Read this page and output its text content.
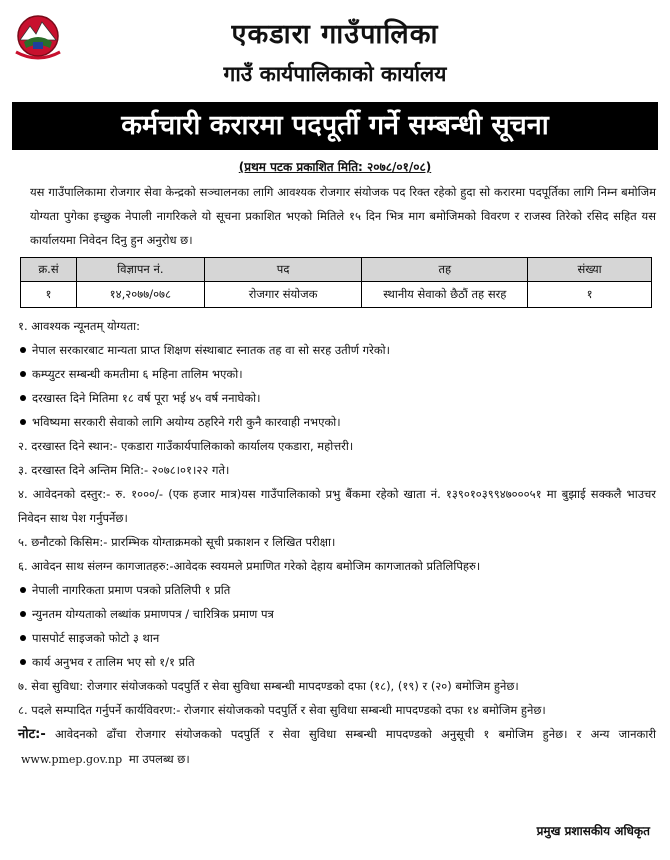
एकडारा गाउँपालिका
गाउँ कार्यपालिकाको कार्यालय
कर्मचारी करारमा पदपूर्ती गर्ने सम्बन्धी सूचना
(प्रथम पटक प्रकाशित मिति: २०७८/०१/०८)
यस गाउँपालिकामा रोजगार सेवा केन्द्रको सञ्चालनका लागि आवश्यक रोजगार संयोजक पद रिक्त रहेको हुदा सो करारमा पदपूर्तिका लागि निम्न बमोजिम योग्यता पुगेका इच्छुक नेपाली नागरिकले यो सूचना प्रकाशित भएको मितिले १५ दिन भित्र माग बमोजिमको विवरण र राजस्व तिरेको रसिद सहित यस कार्यालयमा निवेदन दिनु हुन अनुरोध छ।
क्र.सं	विज्ञापन नं.	पद	तह	संख्या
१	१४,२०७७/०७८	रोजगार संयोजक	स्थानीय सेवाको छैठौं तह सरह	१
१. आवश्यक न्यूनतम् योग्यता:
नेपाल सरकारबाट मान्यता प्राप्त शिक्षण संस्थाबाट स्नातक तह वा सो सरह उतीर्ण गरेको।
कम्प्युटर सम्बन्धी कमतीमा ६ महिना तालिम भएको।
दरखास्त दिने मितिमा १८ वर्ष पूरा भई ४५ वर्ष ननाघेको।
भविष्यमा सरकारी सेवाको लागि अयोग्य ठहरिने गरी कुनै कारवाही नभएको।
२. दरखास्त दिने स्थान:- एकडारा गाउँकार्यपालिकाको कार्यालय एकडारा, महोत्तरी।
३. दरखास्त दिने अन्तिम मिति:- २०७८।०१।२२ गते।
४. आवेदनको दस्तुर:- रु. १०००/- (एक हजार मात्र)यस गाउँपालिकाको प्रभु बैंकमा रहेको खाता नं. १३९०१०३९९४७०००५१ मा बुझाई सक्कलै भाउचर निवेदन साथ पेश गर्नुपर्नेछ।
५. छनौटको किसिम:- प्रारम्भिक योग्ताक्रमको सूची प्रकाशन र लिखित परीक्षा।
६. आवेदन साथ संलग्न कागजातहरु:-आवेदक स्वयमले प्रमाणित गरेको देहाय बमोजिम कागजातको प्रतिलिपिहरु।
नेपाली नागरिकता प्रमाण पत्रको प्रतिलिपी १ प्रति
न्युनतम योग्यताको लब्धांक प्रमाणपत्र / चारित्रिक प्रमाण पत्र
पासपोर्ट साइजको फोटो ३ थान
कार्य अनुभव र तालिम भए सो १/१ प्रति
७. सेवा सुविधा: रोजगार संयोजकको पदपुर्ति र सेवा सुविधा सम्बन्धी मापदण्डको दफा (१८), (१९) र (२०) बमोजिम हुनेछ।
८. पदले सम्पादित गर्नुपर्ने कार्यविवरण:- रोजगार संयोजकको पदपुर्ति र सेवा सुविधा सम्बन्धी मापदण्डको दफा १४ बमोजिम हुनेछ।
नोट:- आवेदनको ढाँचा रोजगार संयोजकको पदपुर्ति र सेवा सुविधा सम्बन्धी मापदण्डको अनुसूची १ बमोजिम हुनेछ। र अन्य जानकारी www.pmep.gov.np मा उपलब्ध छ।
प्रमुख प्रशासकीय अधिकृत
